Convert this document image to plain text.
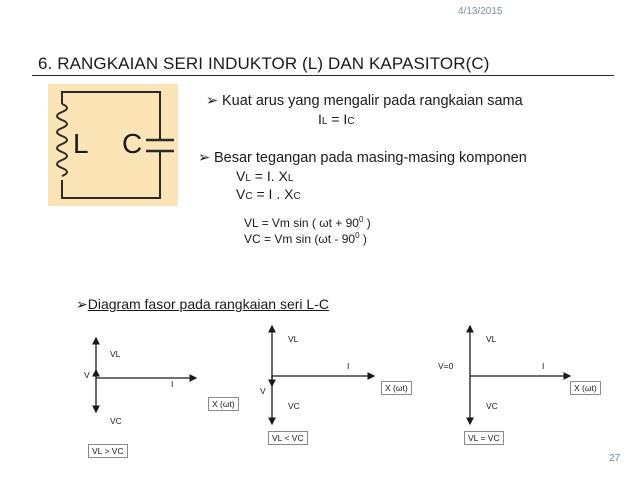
4/13/2015
6. RANGKAIAN SERI INDUKTOR (L) DAN KAPASITOR(C)
L C
➢ Kuat arus yang mengalir pada rangkaian sama
IL = IC
➢ Besar tegangan pada masing-masing komponen
VL = I. XL
VC = I . XC
VL = Vm sin ( $\omega t + 90^0$ )
VC = Vm $\sin (\omega t - 90^0$ )
➢Diagram fasor pada rangkaian seri L-C
VL
V
I
VC
X (ωt)
VL > VC
VL
V
I
VC
X (ωt)
VL < VC
VL
V=0	I
VC
X (ωt)
VL = VC
27
